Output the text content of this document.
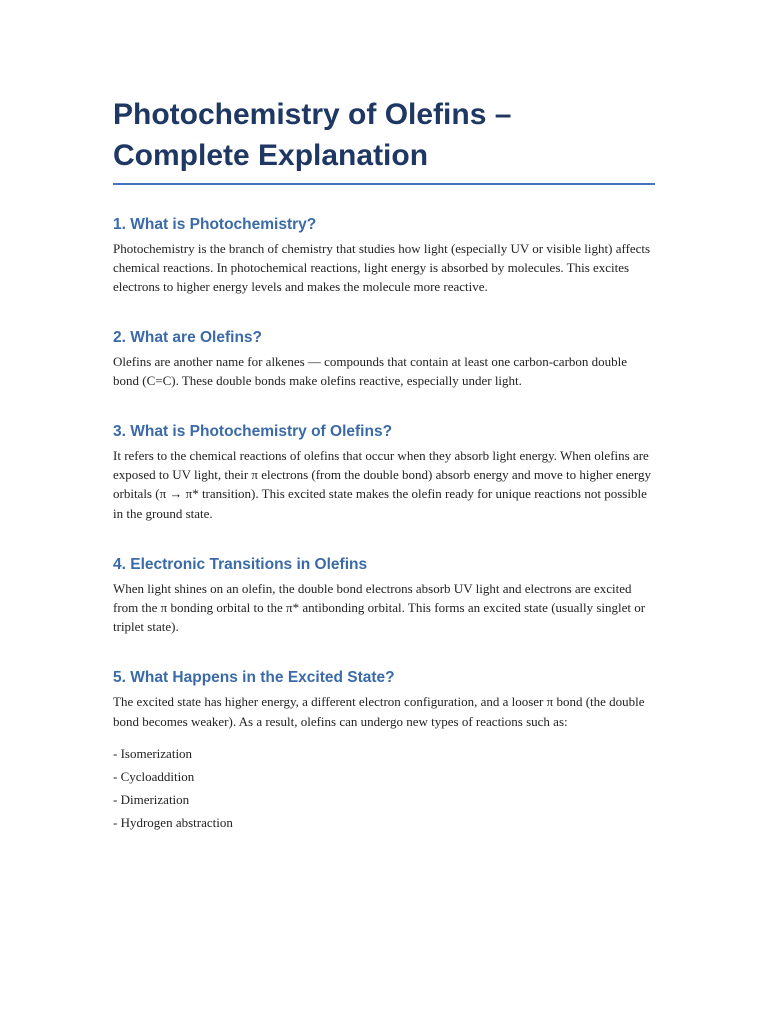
Photochemistry of Olefins – Complete Explanation
1. What is Photochemistry?

Photochemistry is the branch of chemistry that studies how light (especially UV or visible light) affects chemical reactions. In photochemical reactions, light energy is absorbed by molecules. This excites electrons to higher energy levels and makes the molecule more reactive.

2. What are Olefins?

Olefins are another name for alkenes — compounds that contain at least one carbon-carbon double bond (C=C). These double bonds make olefins reactive, especially under light.

3. What is Photochemistry of Olefins?

It refers to the chemical reactions of olefins that occur when they absorb light energy. When olefins are exposed to UV light, their π electrons (from the double bond) absorb energy and move to higher energy orbitals (π → π* transition). This excited state makes the olefin ready for unique reactions not possible in the ground state.

4. Electronic Transitions in Olefins

When light shines on an olefin, the double bond electrons absorb UV light and electrons are excited from the π bonding orbital to the π* antibonding orbital. This forms an excited state (usually singlet or triplet state).

5. What Happens in the Excited State?

The excited state has higher energy, a different electron configuration, and a looser π bond (the double bond becomes weaker). As a result, olefins can undergo new types of reactions such as:

- Isomerization

- Cycloaddition

- Dimerization

- Hydrogen abstraction
